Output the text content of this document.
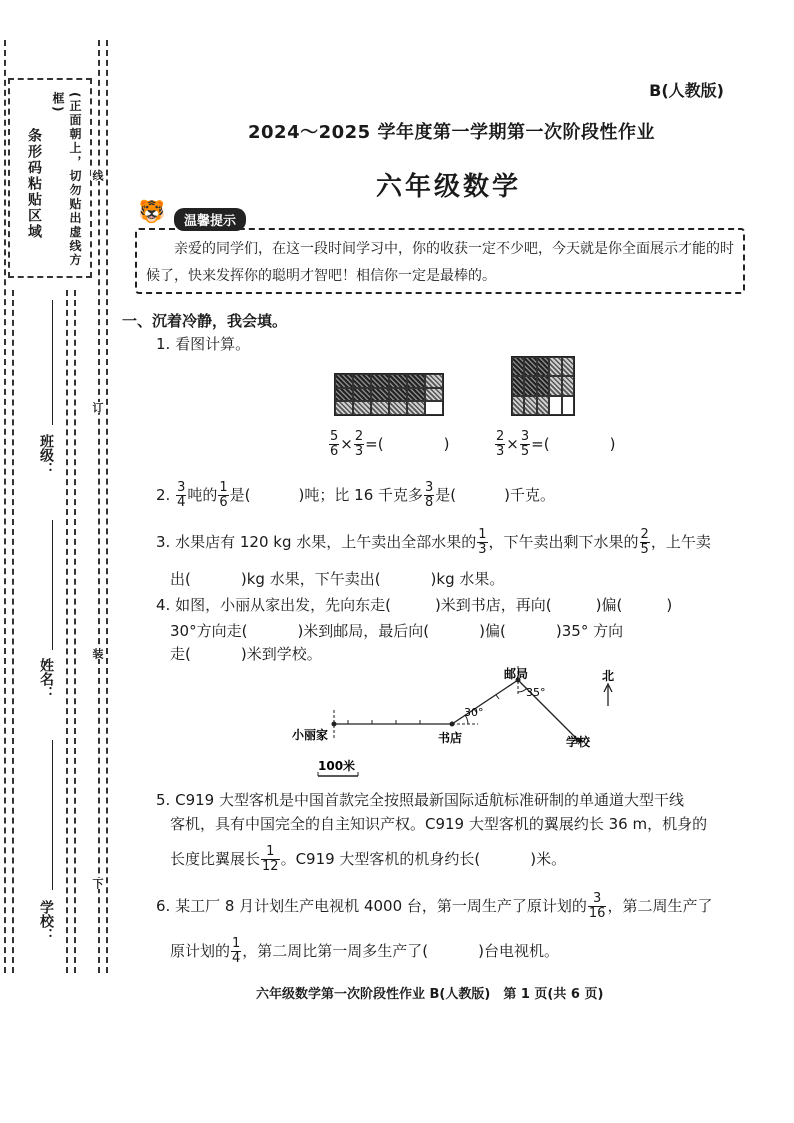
(正面朝上，切勿贴出虚线方框)
条形码粘贴区域	线
订
装
下
班级：
姓名：
学校：
B(人教版)
2024～2025 学年度第一学期第一次阶段性作业
六年级数学
🐯	温馨提示
亲爱的同学们，在这一段时间学习中，你的收获一定不少吧，今天就是你全面展示才能的时候了，快来发挥你的聪明才智吧！相信你一定是最棒的。
一、沉着冷静，我会填。
1. 看图计算。
$\frac{5}{6} \times \frac{2}{3}$ =(	)	$\frac{2}{3} \times \frac{3}{5}$ =(	)
2. $\frac{3}{4}$ 吨的 $\frac{1}{6}$ 是(	)吨；比 16 千克多 $\frac{3}{8}$ 是(	)千克。
3. 水果店有 120 kg 水果，上午卖出全部水果的 $\frac{1}{3}$ ，下午卖出剩下水果的 $\frac{2}{5}$ ，上午卖
出(	)kg 水果，下午卖出(	)kg 水果。
4. 如图，小丽从家出发，先向东走(	)米到书店，再向(	)偏(	)
30°方向走(	)米到邮局，最后向(	)偏(	)35° 方向
走(	)米到学校。
小丽家	书店
邮局
学校
北
30°
35°
100米
5. C919 大型客机是中国首款完全按照最新国际适航标准研制的单通道大型干线
客机，具有中国完全的自主知识产权。C919 大型客机的翼展约长 36 m，机身的
长度比翼展长 $\frac{1}{12}$ 。C919 大型客机的机身约长(	)米。
6. 某工厂 8 月计划生产电视机 4000 台，第一周生产了原计划的 $\frac{3}{16}$ ，第二周生产了
原计划的 $\frac{1}{4}$ ，第二周比第一周多生产了(	)台电视机。
六年级数学第一次阶段性作业 B(人教版)　第 1 页(共 6 页)
